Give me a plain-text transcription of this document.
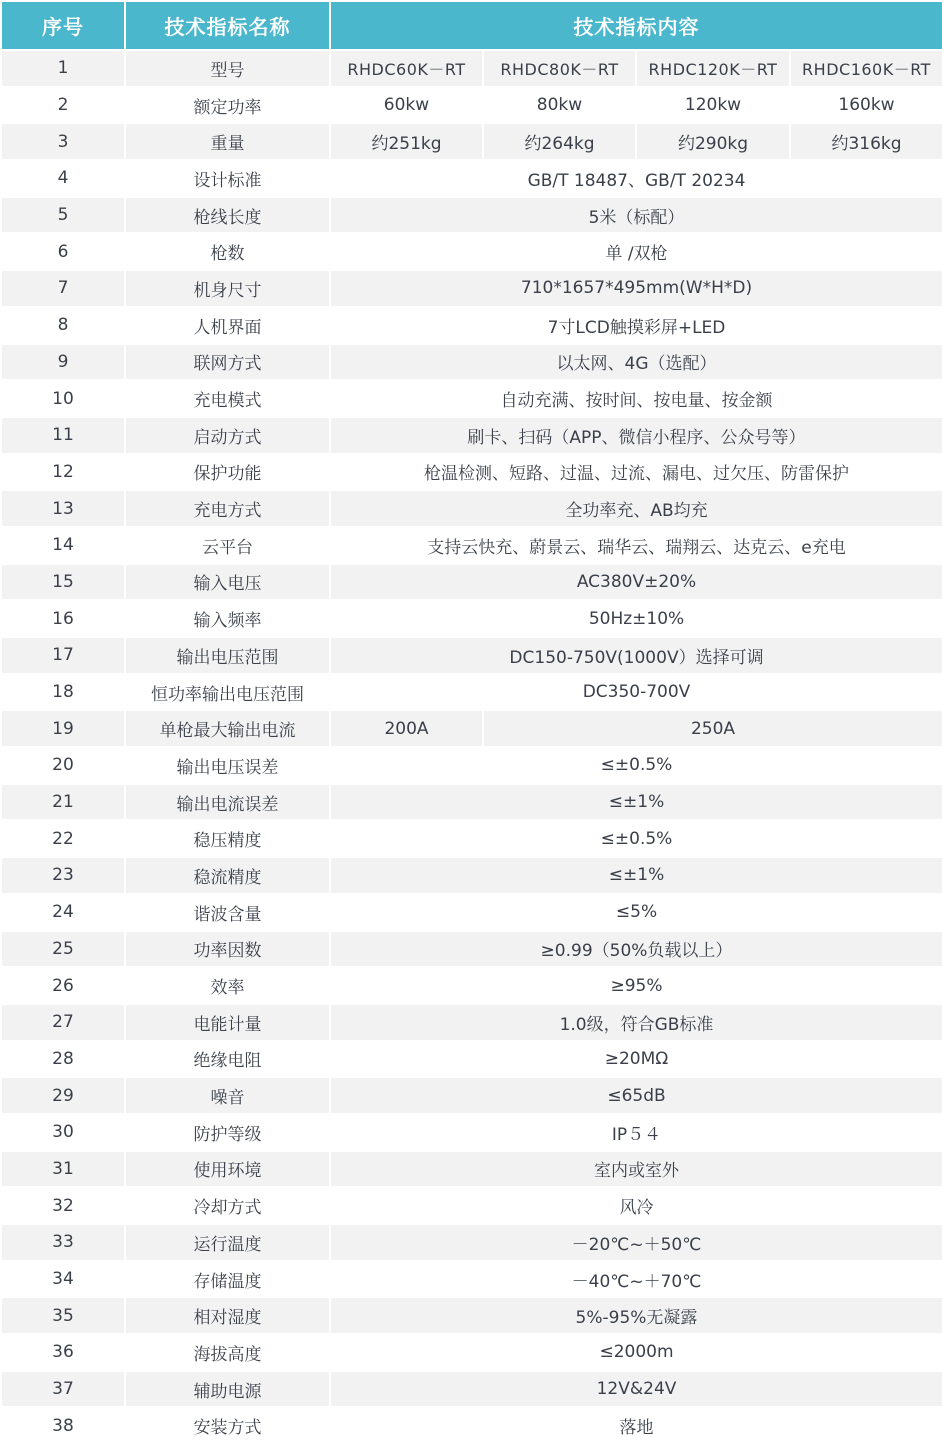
序号	技术指标名称	技术指标内容			
1	型号	RHDC60K－RT	RHDC80K－RT	RHDC120K－RT	RHDC160K－RT
2	额定功率	60kw	80kw	120kw	160kw
3	重量	约251kg	约264kg	约290kg	约316kg
4	设计标准	GB/T 18487、GB/T 20234			
5	枪线长度	5米（标配）			
6	枪数	单 /双枪			
7	机身尺寸	710*1657*495mm(W*H*D)			
8	人机界面	7寸LCD触摸彩屏+LED			
9	联网方式	以太网、4G（选配）			
10	充电模式	自动充满、按时间、按电量、按金额			
11	启动方式	刷卡、扫码（APP、微信小程序、公众号等）			
12	保护功能	枪温检测、短路、过温、过流、漏电、过欠压、防雷保护			
13	充电方式	全功率充、AB均充			
14	云平台	支持云快充、蔚景云、瑞华云、瑞翔云、达克云、e充电			
15	输入电压	AC380V±20%			
16	输入频率	50Hz±10%			
17	输出电压范围	DC150-750V(1000V）选择可调			
18	恒功率输出电压范围	DC350-700V			
19	单枪最大输出电流	200A	250A		
20	输出电压误差	≤±0.5%			
21	输出电流误差	≤±1%			
22	稳压精度	≤±0.5%			
23	稳流精度	≤±1%			
24	谐波含量	≤5%			
25	功率因数	≥0.99（50%负载以上）			
26	效率	≥95%			
27	电能计量	1.0级，符合GB标准			
28	绝缘电阻	≥20MΩ			
29	噪音	≤65dB			
30	防护等级	IP５４			
31	使用环境	室内或室外			
32	冷却方式	风冷			
33	运行温度	－20℃~＋50℃			
34	存储温度	－40℃~＋70℃			
35	相对湿度	5%-95%无凝露			
36	海拔高度	≤2000m			
37	辅助电源	12V&24V			
38	安装方式	落地			
